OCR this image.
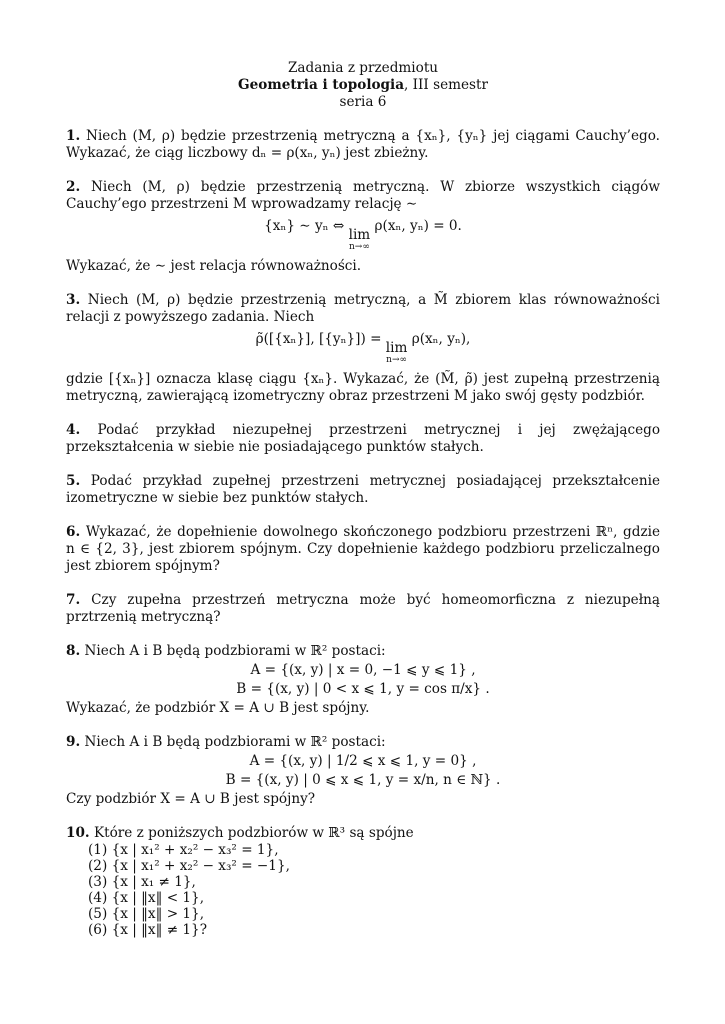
Zadania z przedmiotu
Geometria i topologia, III semestr
seria 6
1. Niech (M, ρ) będzie przestrzenią metryczną a {xₙ}, {yₙ} jej ciągami Cauchy’ego. Wykazać, że ciąg liczbowy dₙ = ρ(xₙ, yₙ) jest zbieżny.
2. Niech (M, ρ) będzie przestrzenią metryczną. W zbiorze wszystkich ciągów Cauchy’ego przestrzeni M wprowadzamy relację ∼
{xₙ} ∼ yₙ ⇔
lim
n→∞
ρ(xₙ, yₙ) = 0.
Wykazać, że ∼ jest relacja równoważności.
3. Niech (M, ρ) będzie przestrzenią metryczną, a M̃ zbiorem klas równoważności relacji z powyższego zadania. Niech
ρ̃([{xₙ}], [{yₙ}]) =
lim
n→∞
ρ(xₙ, yₙ),
gdzie [{xₙ}] oznacza klasę ciągu {xₙ}. Wykazać, że (M̃, ρ̃) jest zupełną przestrzenią metryczną, zawierającą izometryczny obraz przestrzeni M jako swój gęsty podzbiór.
4. Podać przykład niezupełnej przestrzeni metrycznej i jej zwężającego przekształcenia w siebie nie posiadającego punktów stałych.
5. Podać przykład zupełnej przestrzeni metrycznej posiadającej przekształcenie izometryczne w siebie bez punktów stałych.
6. Wykazać, że dopełnienie dowolnego skończonego podzbioru przestrzeni ℝⁿ, gdzie n ∈ {2, 3}, jest zbiorem spójnym. Czy dopełnienie każdego podzbioru przeliczalnego jest zbiorem spójnym?
7. Czy zupełna przestrzeń metryczna może być homeomorficzna z niezupełną prztrzenią metryczną?
8. Niech A i B będą podzbiorami w ℝ² postaci:
A = {(x, y) | x = 0, −1 ⩽ y ⩽ 1} ,
B = {(x, y) | 0 < x ⩽ 1, y = cos π/x} .
Wykazać, że podzbiór X = A ∪ B jest spójny.
9. Niech A i B będą podzbiorami w ℝ² postaci:
A = {(x, y) | 1/2 ⩽ x ⩽ 1, y = 0} ,
B = {(x, y) | 0 ⩽ x ⩽ 1, y = x/n, n ∈ ℕ} .
Czy podzbiór X = A ∪ B jest spójny?
10. Które z poniższych podzbiorów w ℝ³ są spójne
(1) {x | x₁² + x₂² − x₃² = 1},
(2) {x | x₁² + x₂² − x₃² = −1},
(3) {x | x₁ ≠ 1},
(4) {x | ‖x‖ < 1},
(5) {x | ‖x‖ > 1},
(6) {x | ‖x‖ ≠ 1}?
